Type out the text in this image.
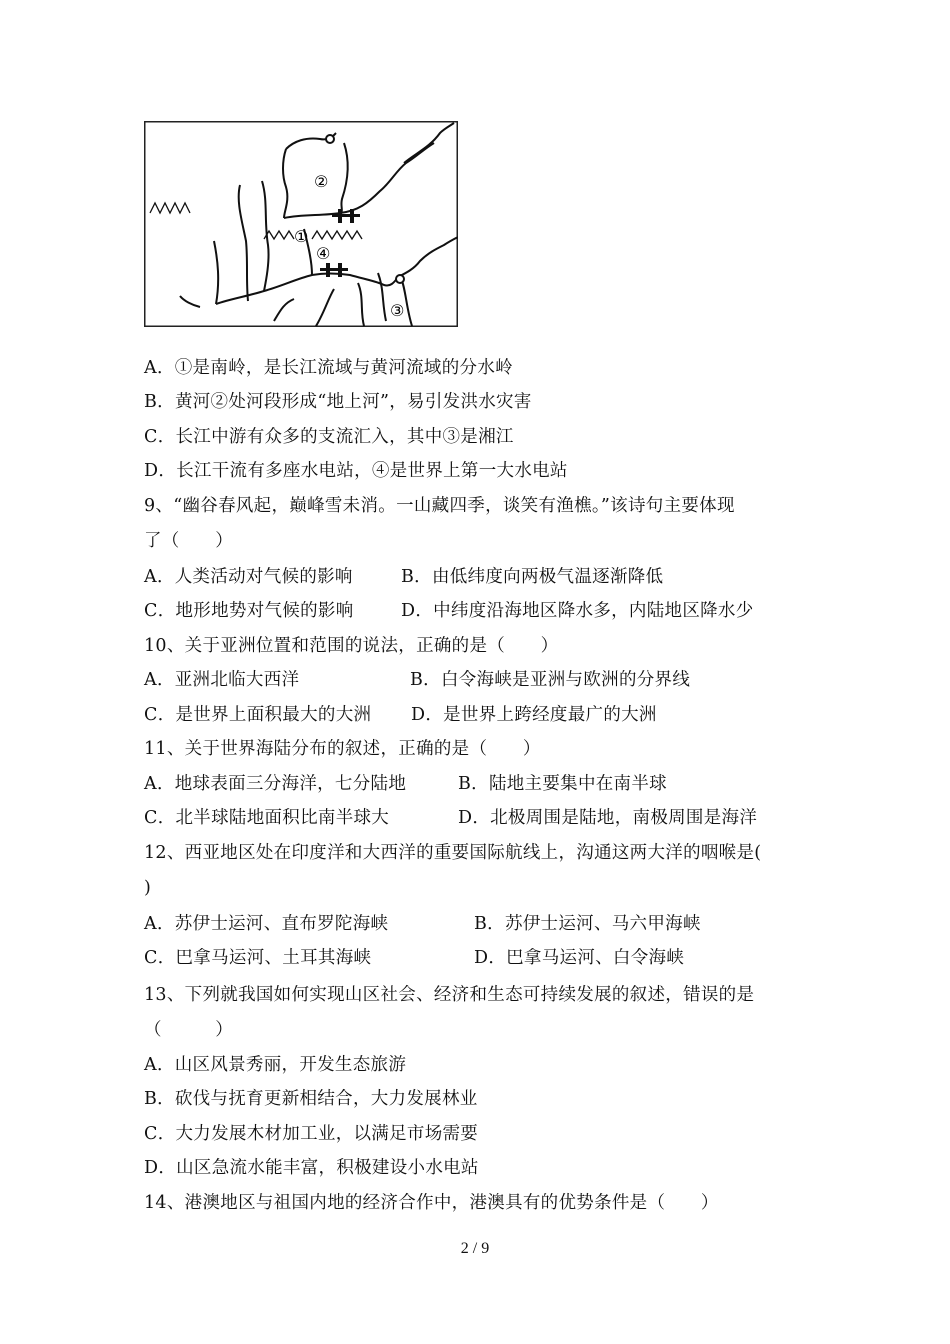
①
②
③
④
A．①是南岭，是长江流域与黄河流域的分水岭
B．黄河②处河段形成“地上河”，易引发洪水灾害
C．长江中游有众多的支流汇入，其中③是湘江
D．长江干流有多座水电站，④是世界上第一大水电站
9、“幽谷春风起，巅峰雪未消。一山藏四季，谈笑有渔樵。”该诗句主要体现
了（　　）
A．人类活动对气候的影响	B．由低纬度向两极气温逐渐降低
C．地形地势对气候的影响	D．中纬度沿海地区降水多，内陆地区降水少
10、关于亚洲位置和范围的说法，正确的是（　　）
A．亚洲北临大西洋	B．白令海峡是亚洲与欧洲的分界线
C．是世界上面积最大的大洲 D．是世界上跨经度最广的大洲
11、关于世界海陆分布的叙述，正确的是（　　）
A．地球表面三分海洋，七分陆地	B．陆地主要集中在南半球
C．北半球陆地面积比南半球大	D．北极周围是陆地，南极周围是海洋
12、西亚地区处在印度洋和大西洋的重要国际航线上，沟通这两大洋的咽喉是(
)
A．苏伊士运河、直布罗陀海峡	B．苏伊士运河、马六甲海峡
C．巴拿马运河、土耳其海峡	D．巴拿马运河、白令海峡
13、下列就我国如何实现山区社会、经济和生态可持续发展的叙述，错误的是
（　　　）
A．山区风景秀丽，开发生态旅游
B．砍伐与抚育更新相结合，大力发展林业
C．大力发展木材加工业，以满足市场需要
D．山区急流水能丰富，积极建设小水电站
14、港澳地区与祖国内地的经济合作中，港澳具有的优势条件是（　　）
2 / 9
